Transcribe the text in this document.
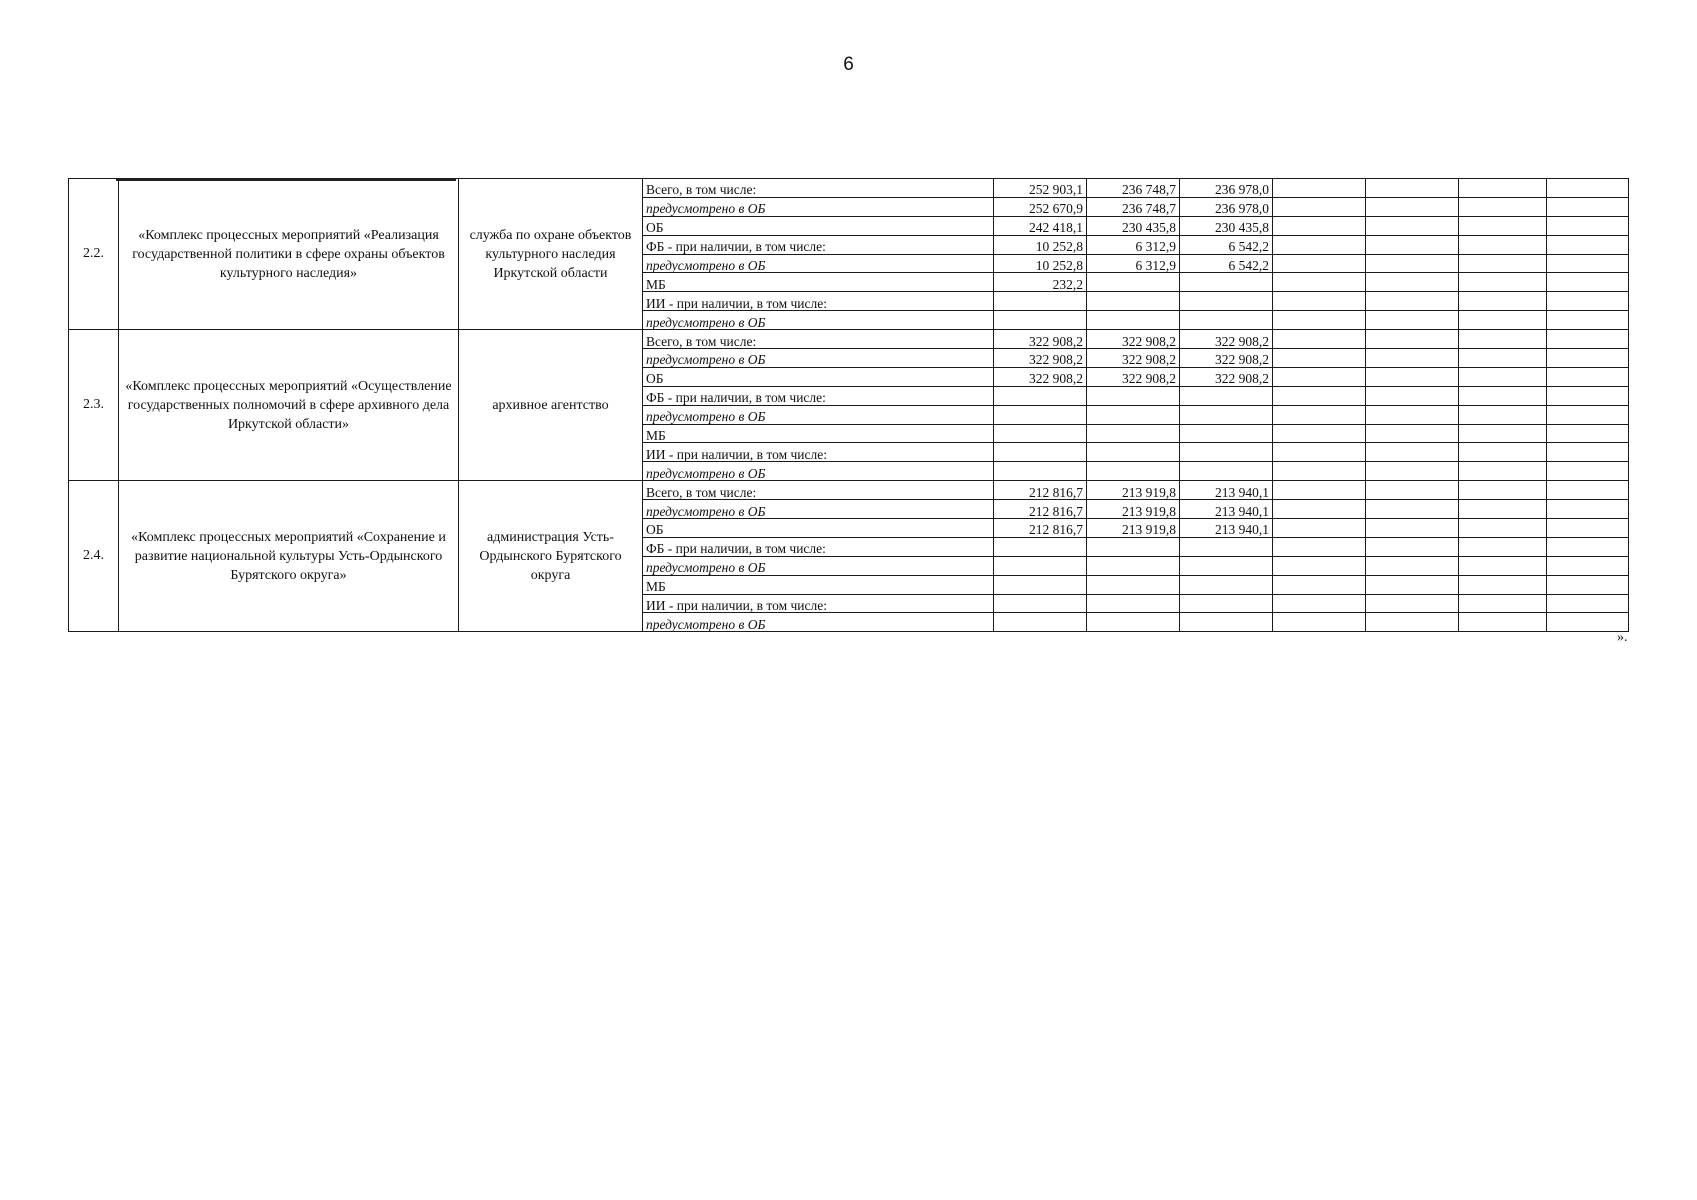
6
2.2.	«Комплекс процессных мероприятий «Реализация государственной политики в сфере охраны объектов культурного наследия»	служба по охране объектов культурного наследия Иркутской области	Всего, в том числе:	252 903,1	236 748,7	236 978,0				
			предусмотрено в ОБ	252 670,9	236 748,7	236 978,0				
			ОБ	242 418,1	230 435,8	230 435,8				
			ФБ - при наличии, в том числе:	10 252,8	6 312,9	6 542,2				
			предусмотрено в ОБ	10 252,8	6 312,9	6 542,2				
			МБ	232,2						
			ИИ - при наличии, в том числе:							
			предусмотрено в ОБ							
2.3.	«Комплекс процессных мероприятий «Осуществление государственных полномочий в сфере архивного дела Иркутской области»	архивное агентство	Всего, в том числе:	322 908,2	322 908,2	322 908,2				
			предусмотрено в ОБ	322 908,2	322 908,2	322 908,2				
			ОБ	322 908,2	322 908,2	322 908,2				
			ФБ - при наличии, в том числе:							
			предусмотрено в ОБ							
			МБ							
			ИИ - при наличии, в том числе:							
			предусмотрено в ОБ							
2.4.	«Комплекс процессных мероприятий «Сохранение и развитие национальной культуры Усть-Ордынского Бурятского округа»	администрация Усть-Ордынского Бурятского округа	Всего, в том числе:	212 816,7	213 919,8	213 940,1				
			предусмотрено в ОБ	212 816,7	213 919,8	213 940,1				
			ОБ	212 816,7	213 919,8	213 940,1				
			ФБ - при наличии, в том числе:							
			предусмотрено в ОБ							
			МБ							
			ИИ - при наличии, в том числе:							
			предусмотрено в ОБ							
».
